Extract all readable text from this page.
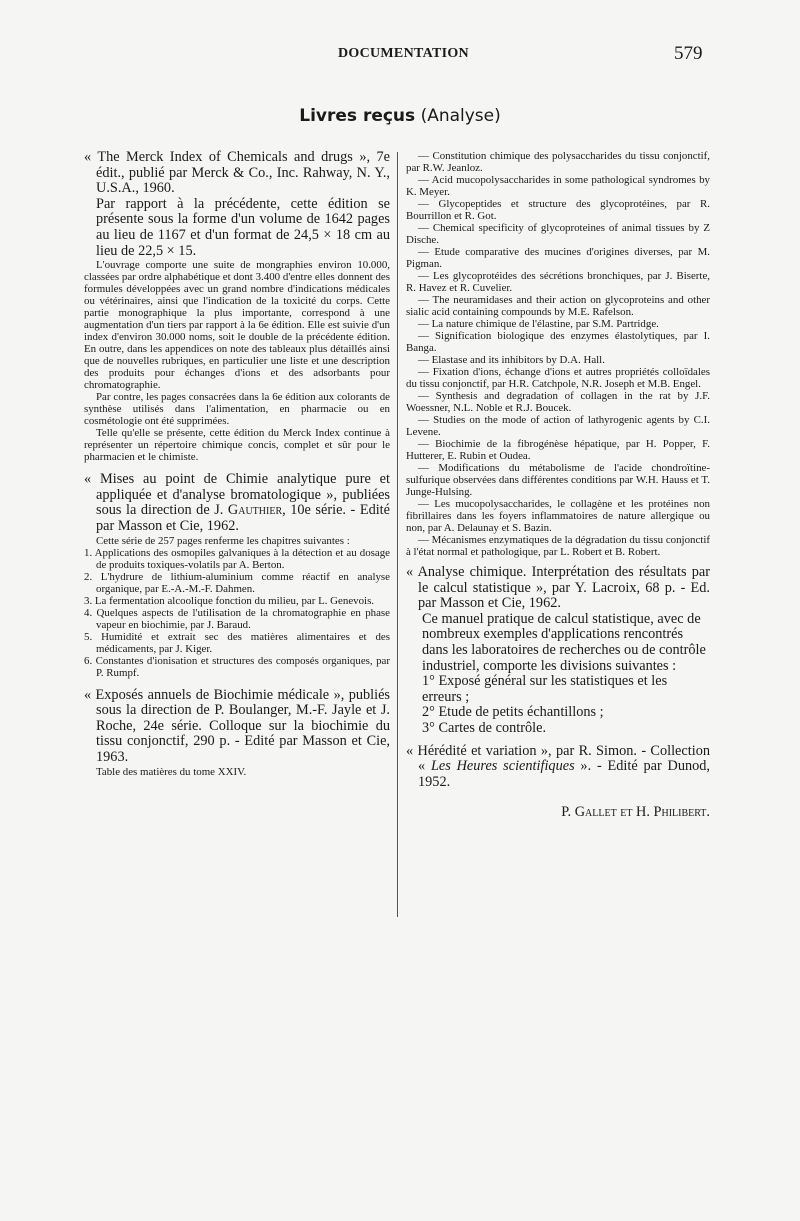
DOCUMENTATION	579
Livres reçus (Analyse)

« The Merck Index of Chemicals and drugs », 7e édit., publié par Merck & Co., Inc. Rahway, N. Y., U.S.A., 1960.

Par rapport à la précédente, cette édition se présente sous la forme d'un volume de 1642 pages au lieu de 1167 et d'un format de 24,5 × 18 cm au lieu de 22,5 × 15.

L'ouvrage comporte une suite de mongraphies environ 10.000, classées par ordre alphabétique et dont 3.400 d'entre elles donnent des formules développées avec un grand nombre d'indications médicales ou vétérinaires, ainsi que l'indication de la toxicité du corps. Cette partie monographique la plus importante, correspond à une augmentation d'un tiers par rapport à la 6e édition. Elle est suivie d'un index d'environ 30.000 noms, soit le double de la précédente édition. En outre, dans les appendices on note des tableaux plus détaillés ainsi que de nouvelles rubriques, en particulier une liste et une description des produits pour échanges d'ions et des adsorbants pour chromatographie.

Par contre, les pages consacrées dans la 6e édition aux colorants de synthèse utilisés dans l'alimentation, en pharmacie ou en cosmétologie ont été supprimées.

Telle qu'elle se présente, cette édition du Merck Index continue à représenter un répertoire chimique concis, complet et sûr pour le pharmacien et le chimiste.

« Mises au point de Chimie analytique pure et appliquée et d'analyse bromatologique », publiées sous la direction de J. Gauthier, 10e série. - Edité par Masson et Cie, 1962.

Cette série de 257 pages renferme les chapitres suivantes :

1. Applications des osmopiles galvaniques à la détection et au dosage de produits toxiques-volatils par A. Berton.
2. L'hydrure de lithium-aluminium comme réactif en analyse organique, par E.-A.-M.-F. Dahmen.
3. La fermentation alcoolique fonction du milieu, par L. Genevois.
4. Quelques aspects de l'utilisation de la chromatographie en phase vapeur en biochimie, par J. Baraud.
5. Humidité et extrait sec des matières alimentaires et des médicaments, par J. Kiger.
6. Constantes d'ionisation et structures des composés organiques, par P. Rumpf.

« Exposés annuels de Biochimie médicale », publiés sous la direction de P. Boulanger, M.-F. Jayle et J. Roche, 24e série. Colloque sur la biochimie du tissu conjonctif, 290 p. - Edité par Masson et Cie, 1963.

Table des matières du tome XXIV.

— Constitution chimique des polysaccharides du tissu conjonctif, par R.W. Jeanloz.

— Acid mucopolysaccharides in some pathological syndromes by K. Meyer.

— Glycopeptides et structure des glycoprotéines, par R. Bourrillon et R. Got.

— Chemical specificity of glycoproteines of animal tissues by Z Dische.

— Etude comparative des mucines d'origines diverses, par M. Pigman.

— Les glycoprotéides des sécrétions bronchiques, par J. Biserte, R. Havez et R. Cuvelier.

— The neuramidases and their action on glycoproteins and other sialic acid containing compounds by M.E. Rafelson.

— La nature chimique de l'élastine, par S.M. Partridge.

— Signification biologique des enzymes élastolytiques, par I. Banga.

— Elastase and its inhibitors by D.A. Hall.

— Fixation d'ions, échange d'ions et autres propriétés colloïdales du tissu conjonctif, par H.R. Catchpole, N.R. Joseph et M.B. Engel.

— Synthesis and degradation of collagen in the rat by J.F. Woessner, N.L. Noble et R.J. Boucek.

— Studies on the mode of action of lathyrogenic agents by C.I. Levene.

— Biochimie de la fibrogénèse hépatique, par H. Popper, F. Hutterer, E. Rubin et Oudea.

— Modifications du métabolisme de l'acide chondroïtine-sulfurique observées dans différentes conditions par W.H. Hauss et T. Junge-Hulsing.

— Les mucopolysaccharides, le collagène et les protéines non fibrillaires dans les foyers inflammatoires de nature allergique ou non, par A. Delaunay et S. Bazin.

— Mécanismes enzymatiques de la dégradation du tissu conjonctif à l'état normal et pathologique, par L. Robert et B. Robert.

« Analyse chimique. Interprétation des résultats par le calcul statistique », par Y. Lacroix, 68 p. - Ed. par Masson et Cie, 1962.

Ce manuel pratique de calcul statistique, avec de nombreux exemples d'applications rencontrés dans les laboratoires de recherches ou de contrôle industriel, comporte les divisions suivantes :

1° Exposé général sur les statistiques et les erreurs ;

2° Etude de petits échantillons ;

3° Cartes de contrôle.

« Hérédité et variation », par R. Simon. - Collection « Les Heures scientifiques ». - Edité par Dunod, 1952.

P. Gallet et H. Philibert.
